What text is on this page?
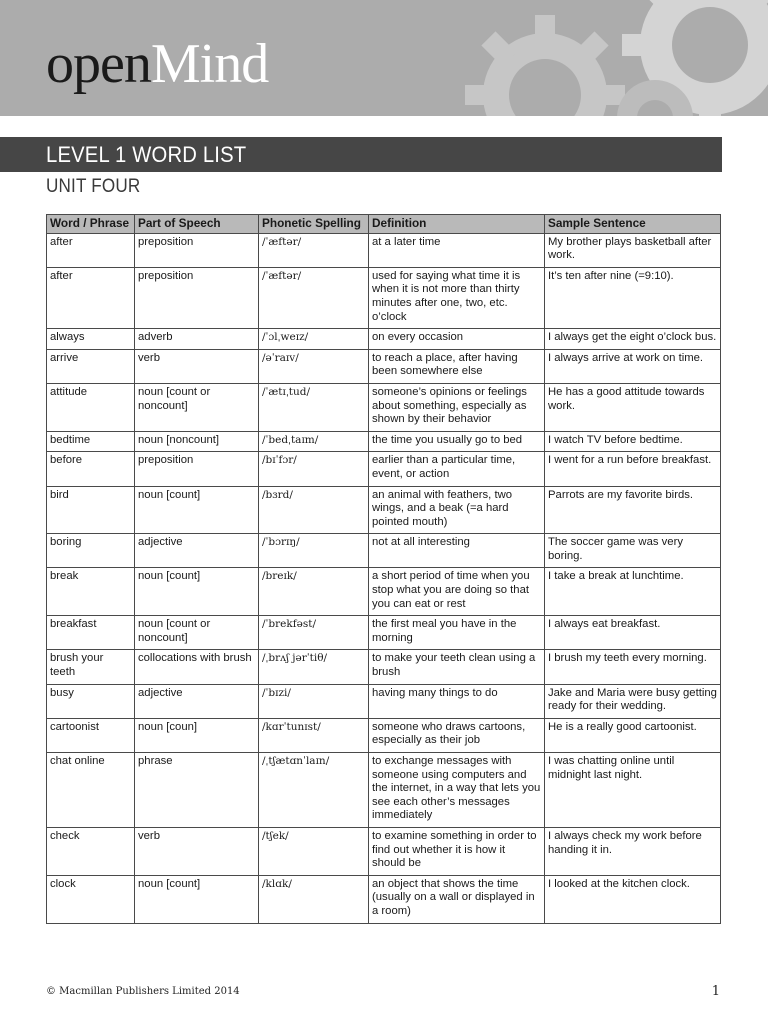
openMind
LEVEL 1 WORD LIST
UNIT FOUR
Word / Phrase	Part of Speech	Phonetic Spelling	Definition	Sample Sentence
after	preposition	/ˈæftər/	at a later time	My brother plays basketball after work.
after	preposition	/ˈæftər/	used for saying what time it is when it is not more than thirty minutes after one, two, etc. o’clock	It’s ten after nine (=9:10).
always	adverb	/ˈɔlˌweɪz/	on every occasion	I always get the eight o’clock bus.
arrive	verb	/əˈraɪv/	to reach a place, after having been somewhere else	I always arrive at work on time.
attitude	noun [count or noncount]	/ˈætɪˌtud/	someone’s opinions or feelings about something, especially as shown by their behavior	He has a good attitude towards work.
bedtime	noun [noncount]	/ˈbedˌtaɪm/	the time you usually go to bed	I watch TV before bedtime.
before	preposition	/bɪˈfɔr/	earlier than a particular time, event, or action	I went for a run before breakfast.
bird	noun [count]	/bɜrd/	an animal with feathers, two wings, and a beak (=a hard pointed mouth)	Parrots are my favorite birds.
boring	adjective	/ˈbɔrɪŋ/	not at all interesting	The soccer game was very boring.
break	noun [count]	/breɪk/	a short period of time when you stop what you are doing so that you can eat or rest	I take a break at lunchtime.
breakfast	noun [count or noncount]	/ˈbrekfəst/	the first meal you have in the morning	I always eat breakfast.
brush your teeth	collocations with brush	/ˌbrʌʃ jərˈtiθ/	to make your teeth clean using a brush	I brush my teeth every morning.
busy	adjective	/ˈbɪzi/	having many things to do	Jake and Maria were busy getting ready for their wedding.
cartoonist	noun [coun]	/kɑrˈtunɪst/	someone who draws cartoons, especially as their job	He is a really good cartoonist.
chat online	phrase	/ˌtʃætɑnˈlaɪn/	to exchange messages with someone using computers and the internet, in a way that lets you see each other’s messages immediately	I was chatting online until midnight last night.
check	verb	/tʃek/	to examine something in order to find out whether it is how it should be	I always check my work before handing it in.
clock	noun [count]	/klɑk/	an object that shows the time (usually on a wall or displayed in a room)	I looked at the kitchen clock.
© Macmillan Publishers Limited 2014	1
